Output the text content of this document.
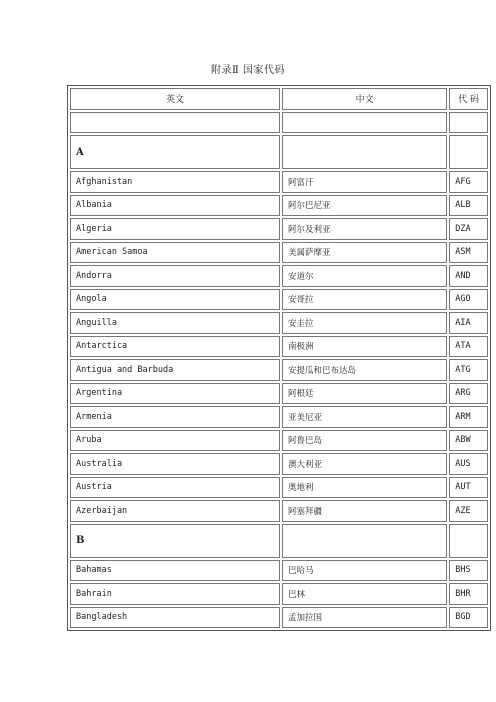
附录Ⅱ 国家代码
英文	中文	代 码

A		
Afghanistan	阿富汗	AFG
Albania	阿尔巴尼亚	ALB
Algeria	阿尔及利亚	DZA
American Samoa	美属萨摩亚	ASM
Andorra	安道尔	AND
Angola	安哥拉	AGO
Anguilla	安圭拉	AIA
Antarctica	南极洲	ATA
Antigua and Barbuda	安提瓜和巴布达岛	ATG
Argentina	阿根廷	ARG
Armenia	亚美尼亚	ARM
Aruba	阿鲁巴岛	ABW
Australia	澳大利亚	AUS
Austria	奥地利	AUT
Azerbaijan	阿塞拜疆	AZE
B		
Bahamas	巴哈马	BHS
Bahrain	巴林	BHR
Bangladesh	孟加拉国	BGD
